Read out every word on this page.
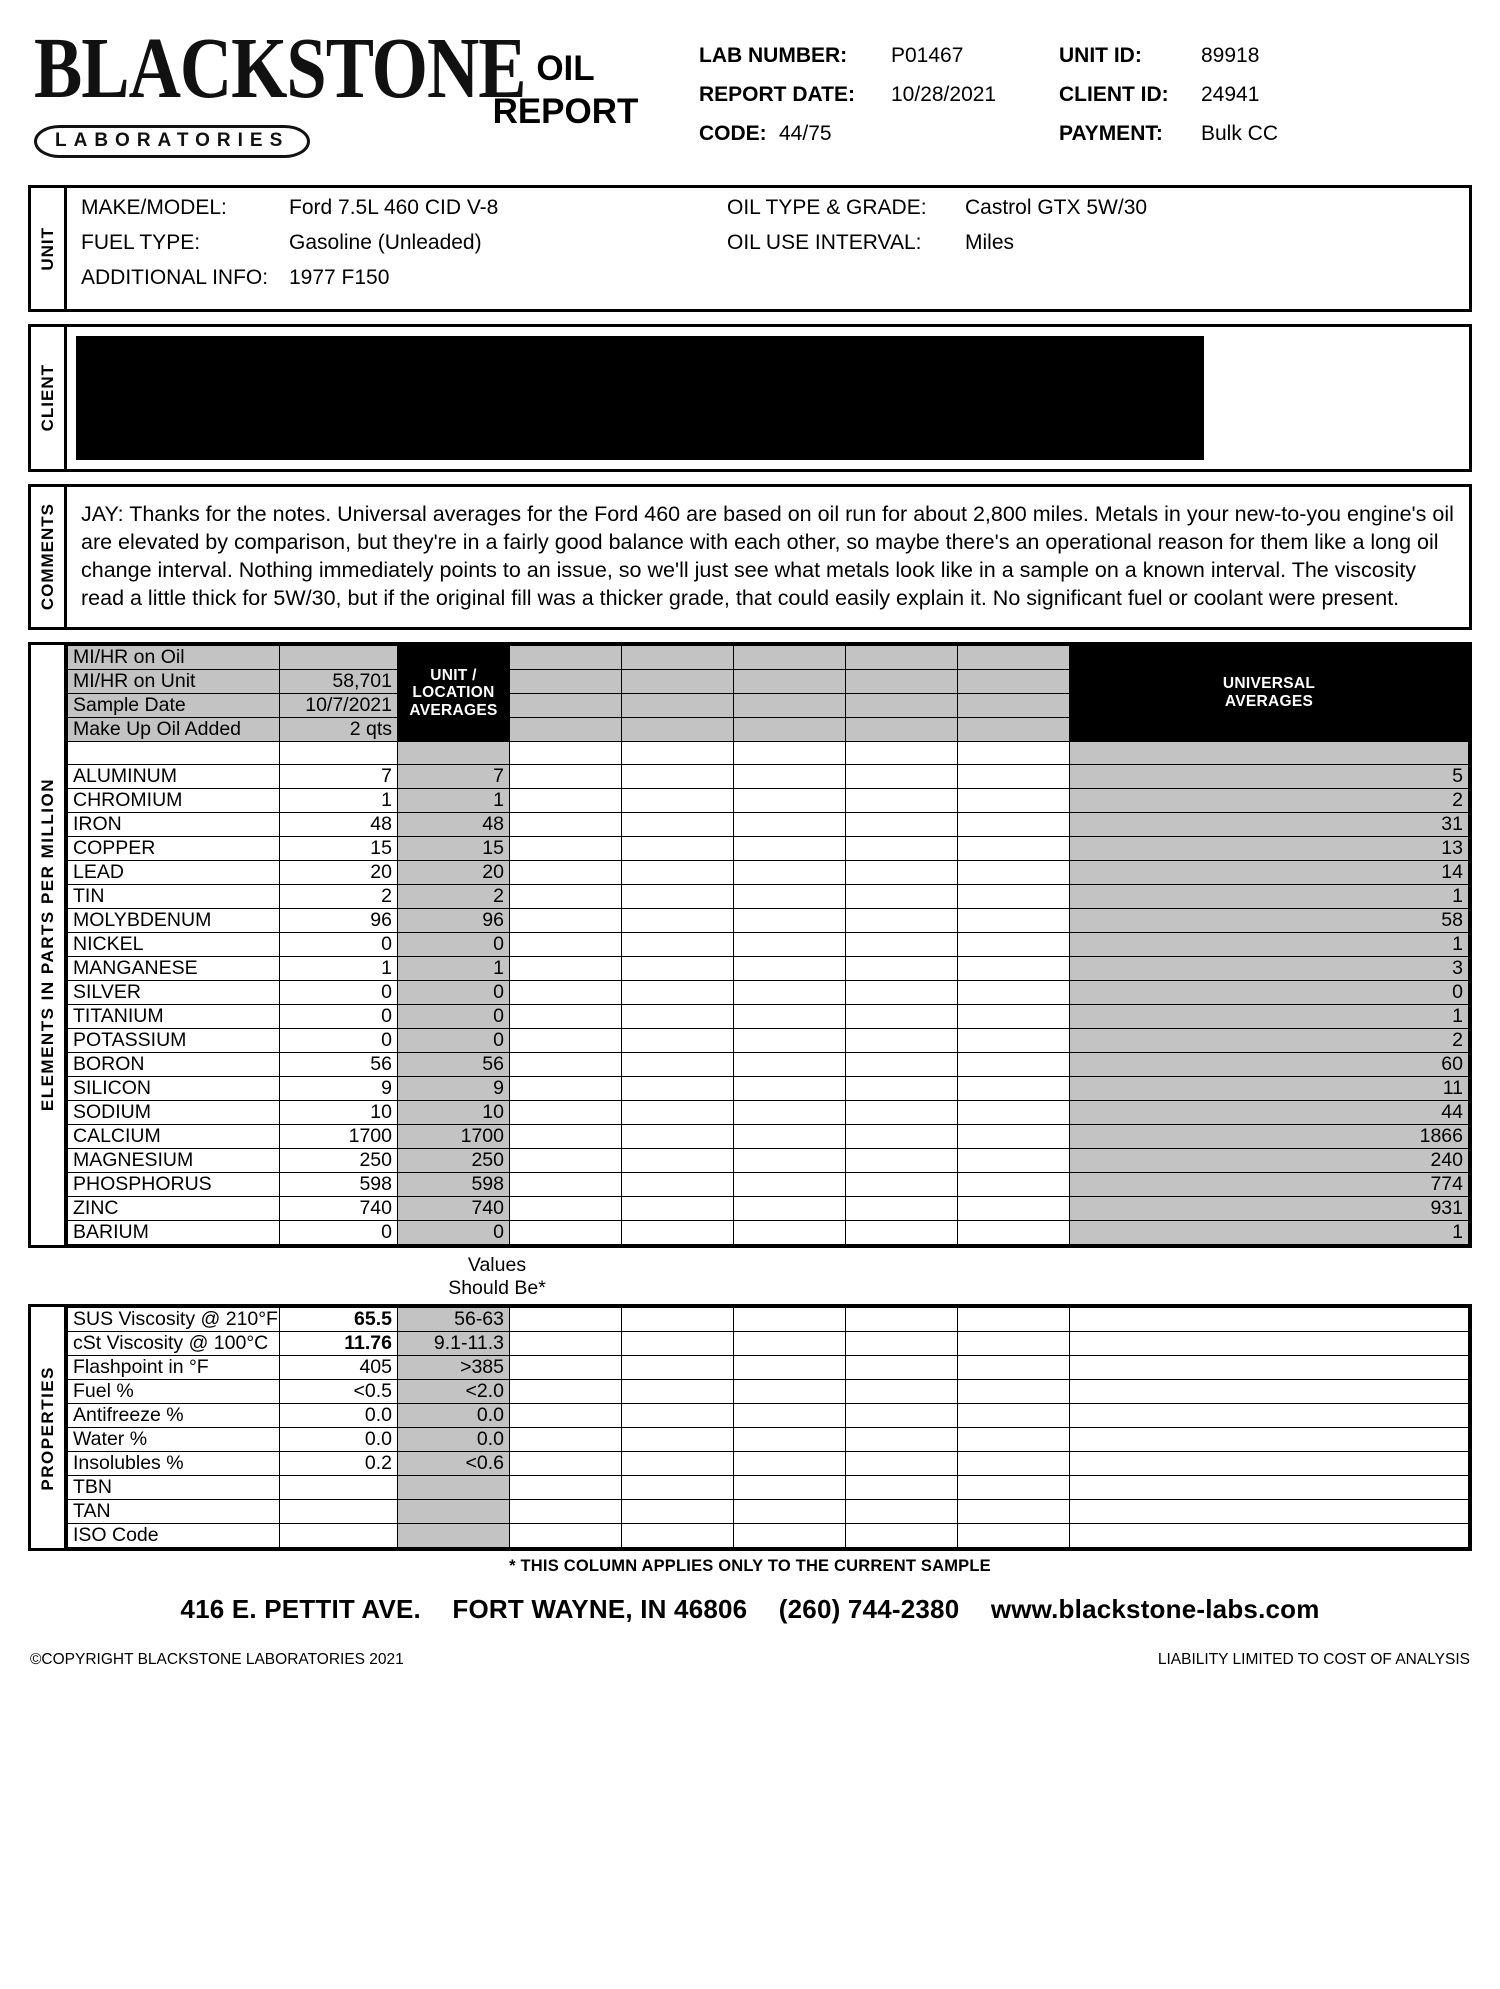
BLACKSTONE
LABORATORIES
OIL
REPORT
LAB NUMBER:	P01467
REPORT DATE:	10/28/2021
CODE: 44/75
UNIT ID:	89918
CLIENT ID:	24941
PAYMENT:	Bulk CC
UNIT
MAKE/MODEL:	Ford 7.5L 460 CID V-8
FUEL TYPE:	Gasoline (Unleaded)
ADDITIONAL INFO: 1977 F150
OIL TYPE & GRADE:	Castrol GTX 5W/30
OIL USE INTERVAL:	Miles
CLIENT
COMMENTS JAY: Thanks for the notes. Universal averages for the Ford 460 are based on oil run for about 2,800 miles. Metals in your new-to-you engine's oil are elevated by comparison, but they're in a fairly good balance with each other, so maybe there's an operational reason for them like a long oil change interval. Nothing immediately points to an issue, so we'll just see what metals look like in a sample on a known interval. The viscosity read a little thick for 5W/30, but if the original fill was a thicker grade, that could easily explain it. No significant fuel or coolant were present.

ELEMENTS IN PARTS PER MILLION
MI/HR on Oil		UNIT /
LOCATION
AVERAGES						UNIVERSAL
AVERAGES
MI/HR on Unit	58,701							
Sample Date	10/7/2021							
Make Up Oil Added	2 qts							

ALUMINUM	7	7						5
CHROMIUM	1	1						2
IRON	48	48						31
COPPER	15	15						13
LEAD	20	20						14
TIN	2	2						1
MOLYBDENUM	96	96						58
NICKEL	0	0						1
MANGANESE	1	1						3
SILVER	0	0						0
TITANIUM	0	0						1
POTASSIUM	0	0						2
BORON	56	56						60
SILICON	9	9						11
SODIUM	10	10						44
CALCIUM	1700	1700						1866
MAGNESIUM	250	250						240
PHOSPHORUS	598	598						774
ZINC	740	740						931
BARIUM	0	0						1
Values
Should Be*
PROPERTIES
SUS Viscosity @ 210°F	65.5	56-63						
cSt Viscosity @ 100°C	11.76	9.1-11.3						
Flashpoint in °F	405	>385						
Fuel %	<0.5	<2.0						
Antifreeze %	0.0	0.0						
Water %	0.0	0.0						
Insolubles %	0.2	<0.6						
TBN								
TAN								
ISO Code								
* THIS COLUMN APPLIES ONLY TO THE CURRENT SAMPLE
416 E. PETTIT AVE. FORT WAYNE, IN 46806 (260) 744-2380 www.blackstone-labs.com
©COPYRIGHT BLACKSTONE LABORATORIES 2021	LIABILITY LIMITED TO COST OF ANALYSIS
